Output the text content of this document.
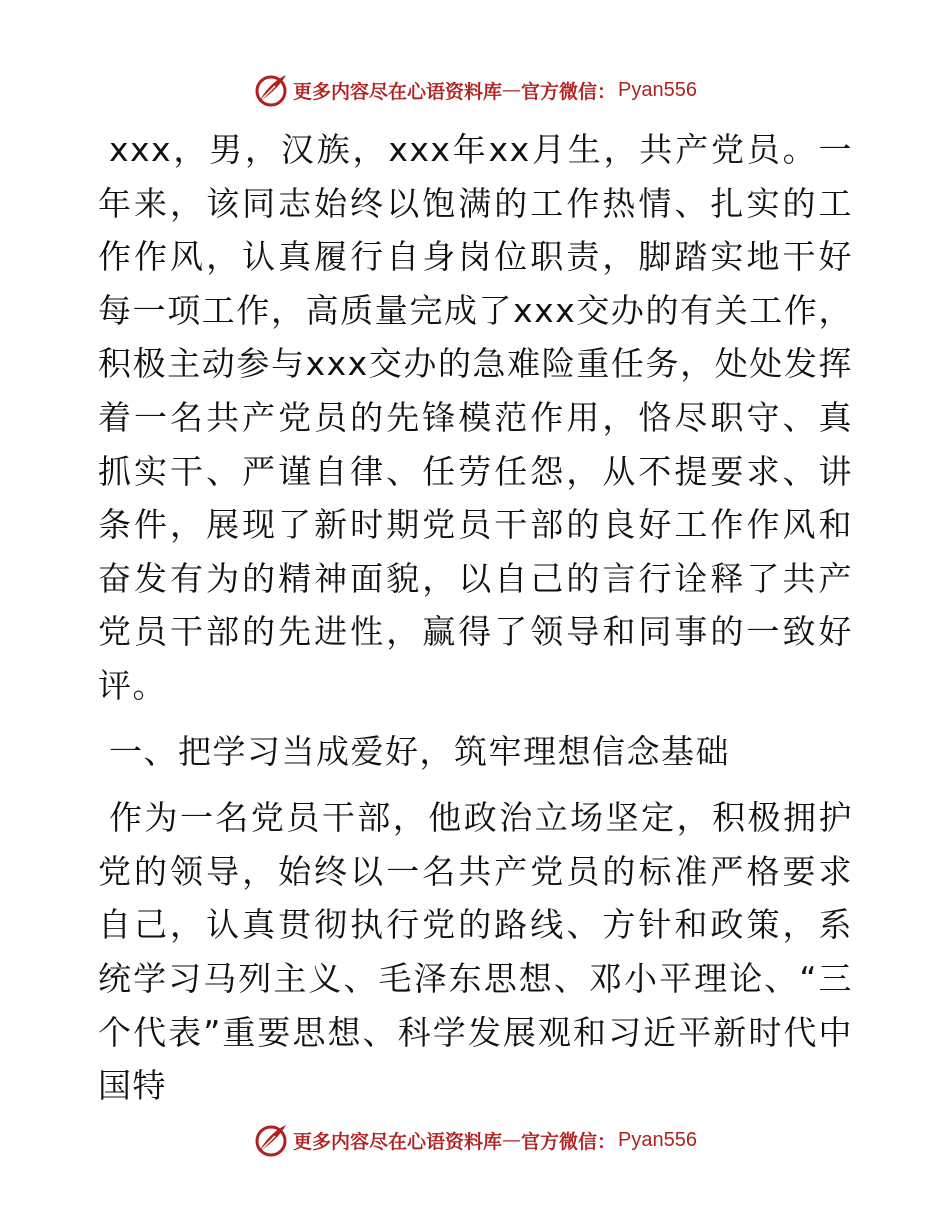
更多内容尽在心语资料库 — 官方微信： Pyan556

xxx，男，汉族，xxx年xx月生，共产党员。一年来，该同志始终以饱满的工作热情、扎实的工作作风，认真履行自身岗位职责，脚踏实地干好每一项工作，高质量完成了xxx交办的有关工作，积极主动参与xxx交办的急难险重任务，处处发挥着一名共产党员的先锋模范作用，恪尽职守、真抓实干、严谨自律、任劳任怨，从不提要求、讲条件，展现了新时期党员干部的良好工作作风和奋发有为的精神面貌，以自己的言行诠释了共产党员干部的先进性，赢得了领导和同事的一致好评。

一、把学习当成爱好，筑牢理想信念基础

作为一名党员干部，他政治立场坚定，积极拥护党的领导，始终以一名共产党员的标准严格要求自己，认真贯彻执行党的路线、方针和政策，系统学习马列主义、毛泽东思想、邓小平理论、“三个代表”重要思想、科学发展观和习近平新时代中国特

更多内容尽在心语资料库 — 官方微信： Pyan556
